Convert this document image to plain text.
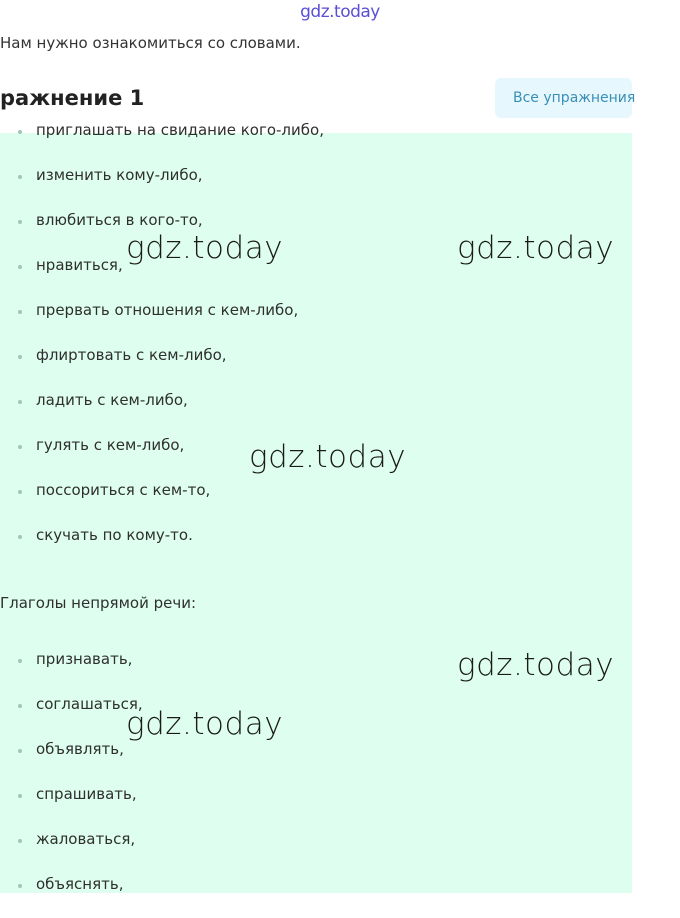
gdz.today
Нам нужно ознакомиться со словами.
ражнение 1	Все упражнения
приглашать на свидание кого-либо,
изменить кому-либо,
влюбиться в кого-то,
нравиться,
прервать отношения с кем-либо,
флиртовать с кем-либо,
ладить с кем-либо,
гулять с кем-либо,
поссориться с кем-то,
скучать по кому-то.
Глаголы непрямой речи:
признавать,
соглашаться,
объявлять,
спрашивать,
жаловаться,
объяснять,
gdz.today	gdz.today
gdz.today
gdz.today
gdz.today
